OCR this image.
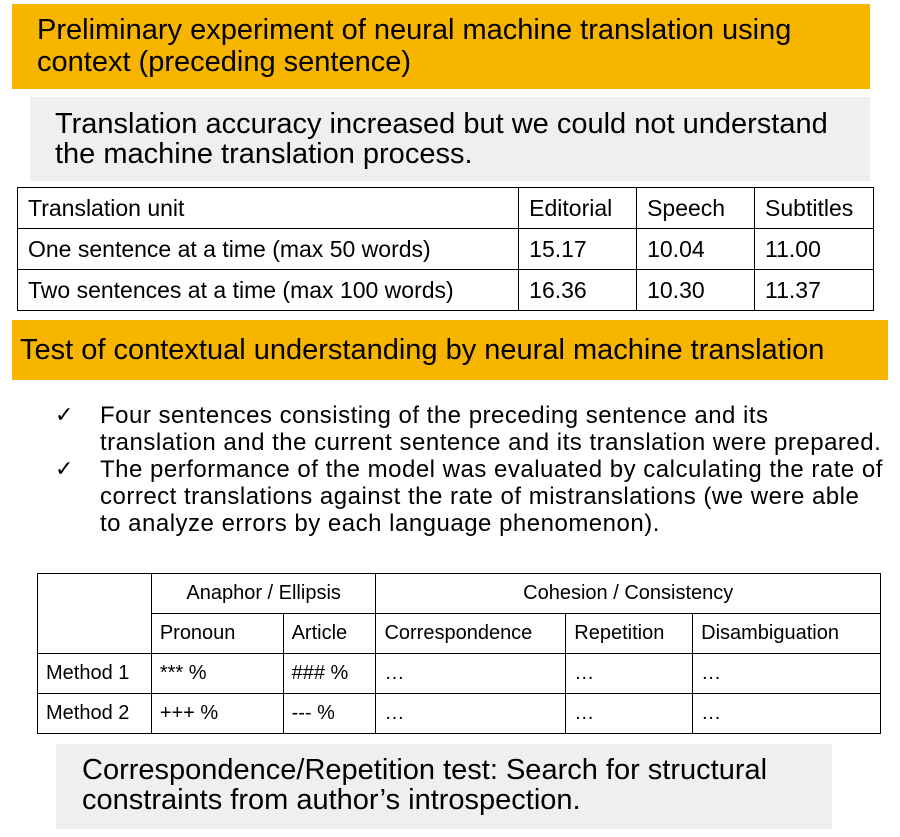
Preliminary experiment of neural machine translation using context (preceding sentence)
Translation accuracy increased but we could not understand the machine translation process.
Translation unit	Editorial	Speech	Subtitles
One sentence at a time (max 50 words)	15.17	10.04	11.00
Two sentences at a time (max 100 words)	16.36	10.30	11.37
Test of contextual understanding by neural machine translation
✓	Four sentences consisting of the preceding sentence and its translation and the current sentence and its translation were prepared.
✓	The performance of the model was evaluated by calculating the rate of correct translations against the rate of mistranslations (we were able to analyze errors by each language phenomenon).
	Anaphor / Ellipsis		Cohesion / Consistency		
	Pronoun	Article	Correspondence	Repetition	Disambiguation
Method 1	*** %	### %	…	…	…
Method 2	+++ %	--- %	…	…	…
Correspondence/Repetition test: Search for structural constraints from author’s introspection.
